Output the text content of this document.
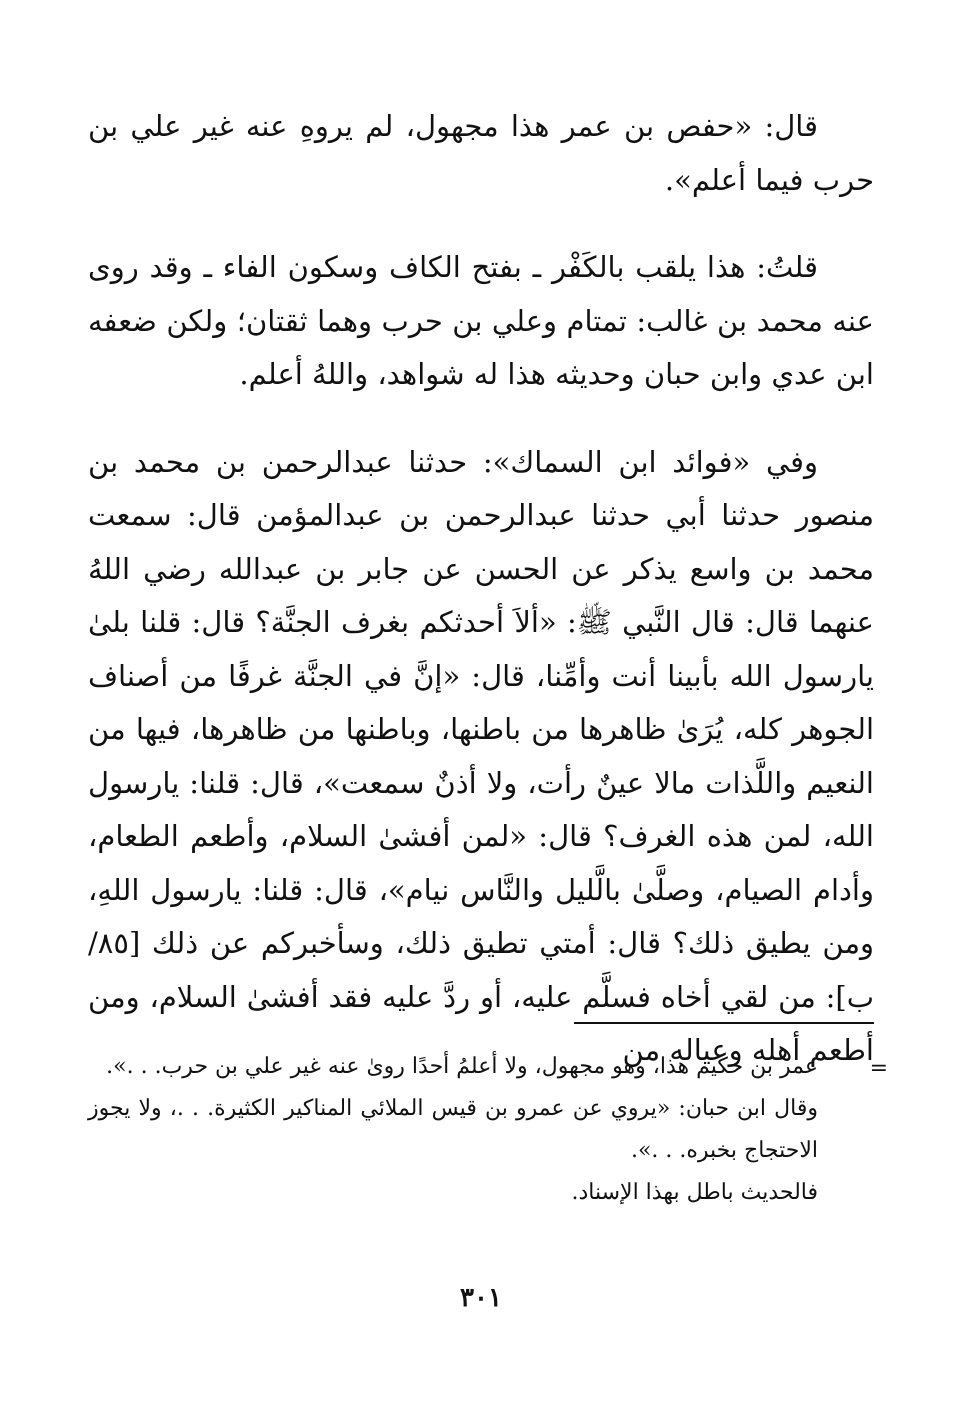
قال: «حفص بن عمر هذا مجهول، لم يروهِ عنه غير علي بن حرب فيما أعلم».

قلتُ: هذا يلقب بالكَفْر ـ بفتح الكاف وسكون الفاء ـ وقد روى عنه محمد بن غالب: تمتام وعلي بن حرب وهما ثقتان؛ ولكن ضعفه ابن عدي وابن حبان وحديثه هذا له شواهد، واللهُ أعلم.

وفي «فوائد ابن السماك»: حدثنا عبدالرحمن بن محمد بن منصور حدثنا أبي حدثنا عبدالرحمن بن عبدالمؤمن قال: سمعت محمد بن واسع يذكر عن الحسن عن جابر بن عبدالله رضي اللهُ عنهما قال: قال النَّبي ﷺ: «ألاَ أحدثكم بغرف الجنَّة؟ قال: قلنا بلىٰ يارسول الله بأبينا أنت وأمِّنا، قال: «إنَّ في الجنَّة غرفًا من أصناف الجوهر كله، يُرَىٰ ظاهرها من باطنها، وباطنها من ظاهرها، فيها من النعيم واللَّذات مالا عينٌ رأت، ولا أذنٌ سمعت»، قال: قلنا: يارسول الله، لمن هذه الغرف؟ قال: «لمن أفشىٰ السلام، وأطعم الطعام، وأدام الصيام، وصلَّىٰ بالَّليل والنَّاس نيام»، قال: قلنا: يارسول اللهِ، ومن يطيق ذلك؟ قال: أمتي تطيق ذلك، وسأخبركم عن ذلك [٨٥/ب]: من لقي أخاه فسلَّم عليه، أو ردَّ عليه فقد أفشىٰ السلام، ومن أطعم أهله وعياله من

=

عمر بن حكيم هذا، وهو مجهول، ولا أعلمُ أحدًا روىٰ عنه غير علي بن حرب. . .».

وقال ابن حبان: «يروي عن عمرو بن قيس الملائي المناكير الكثيرة. . .، ولا يجوز الاحتجاج بخبره. . .».

فالحديث باطل بهذا الإسناد.

٣٠١
